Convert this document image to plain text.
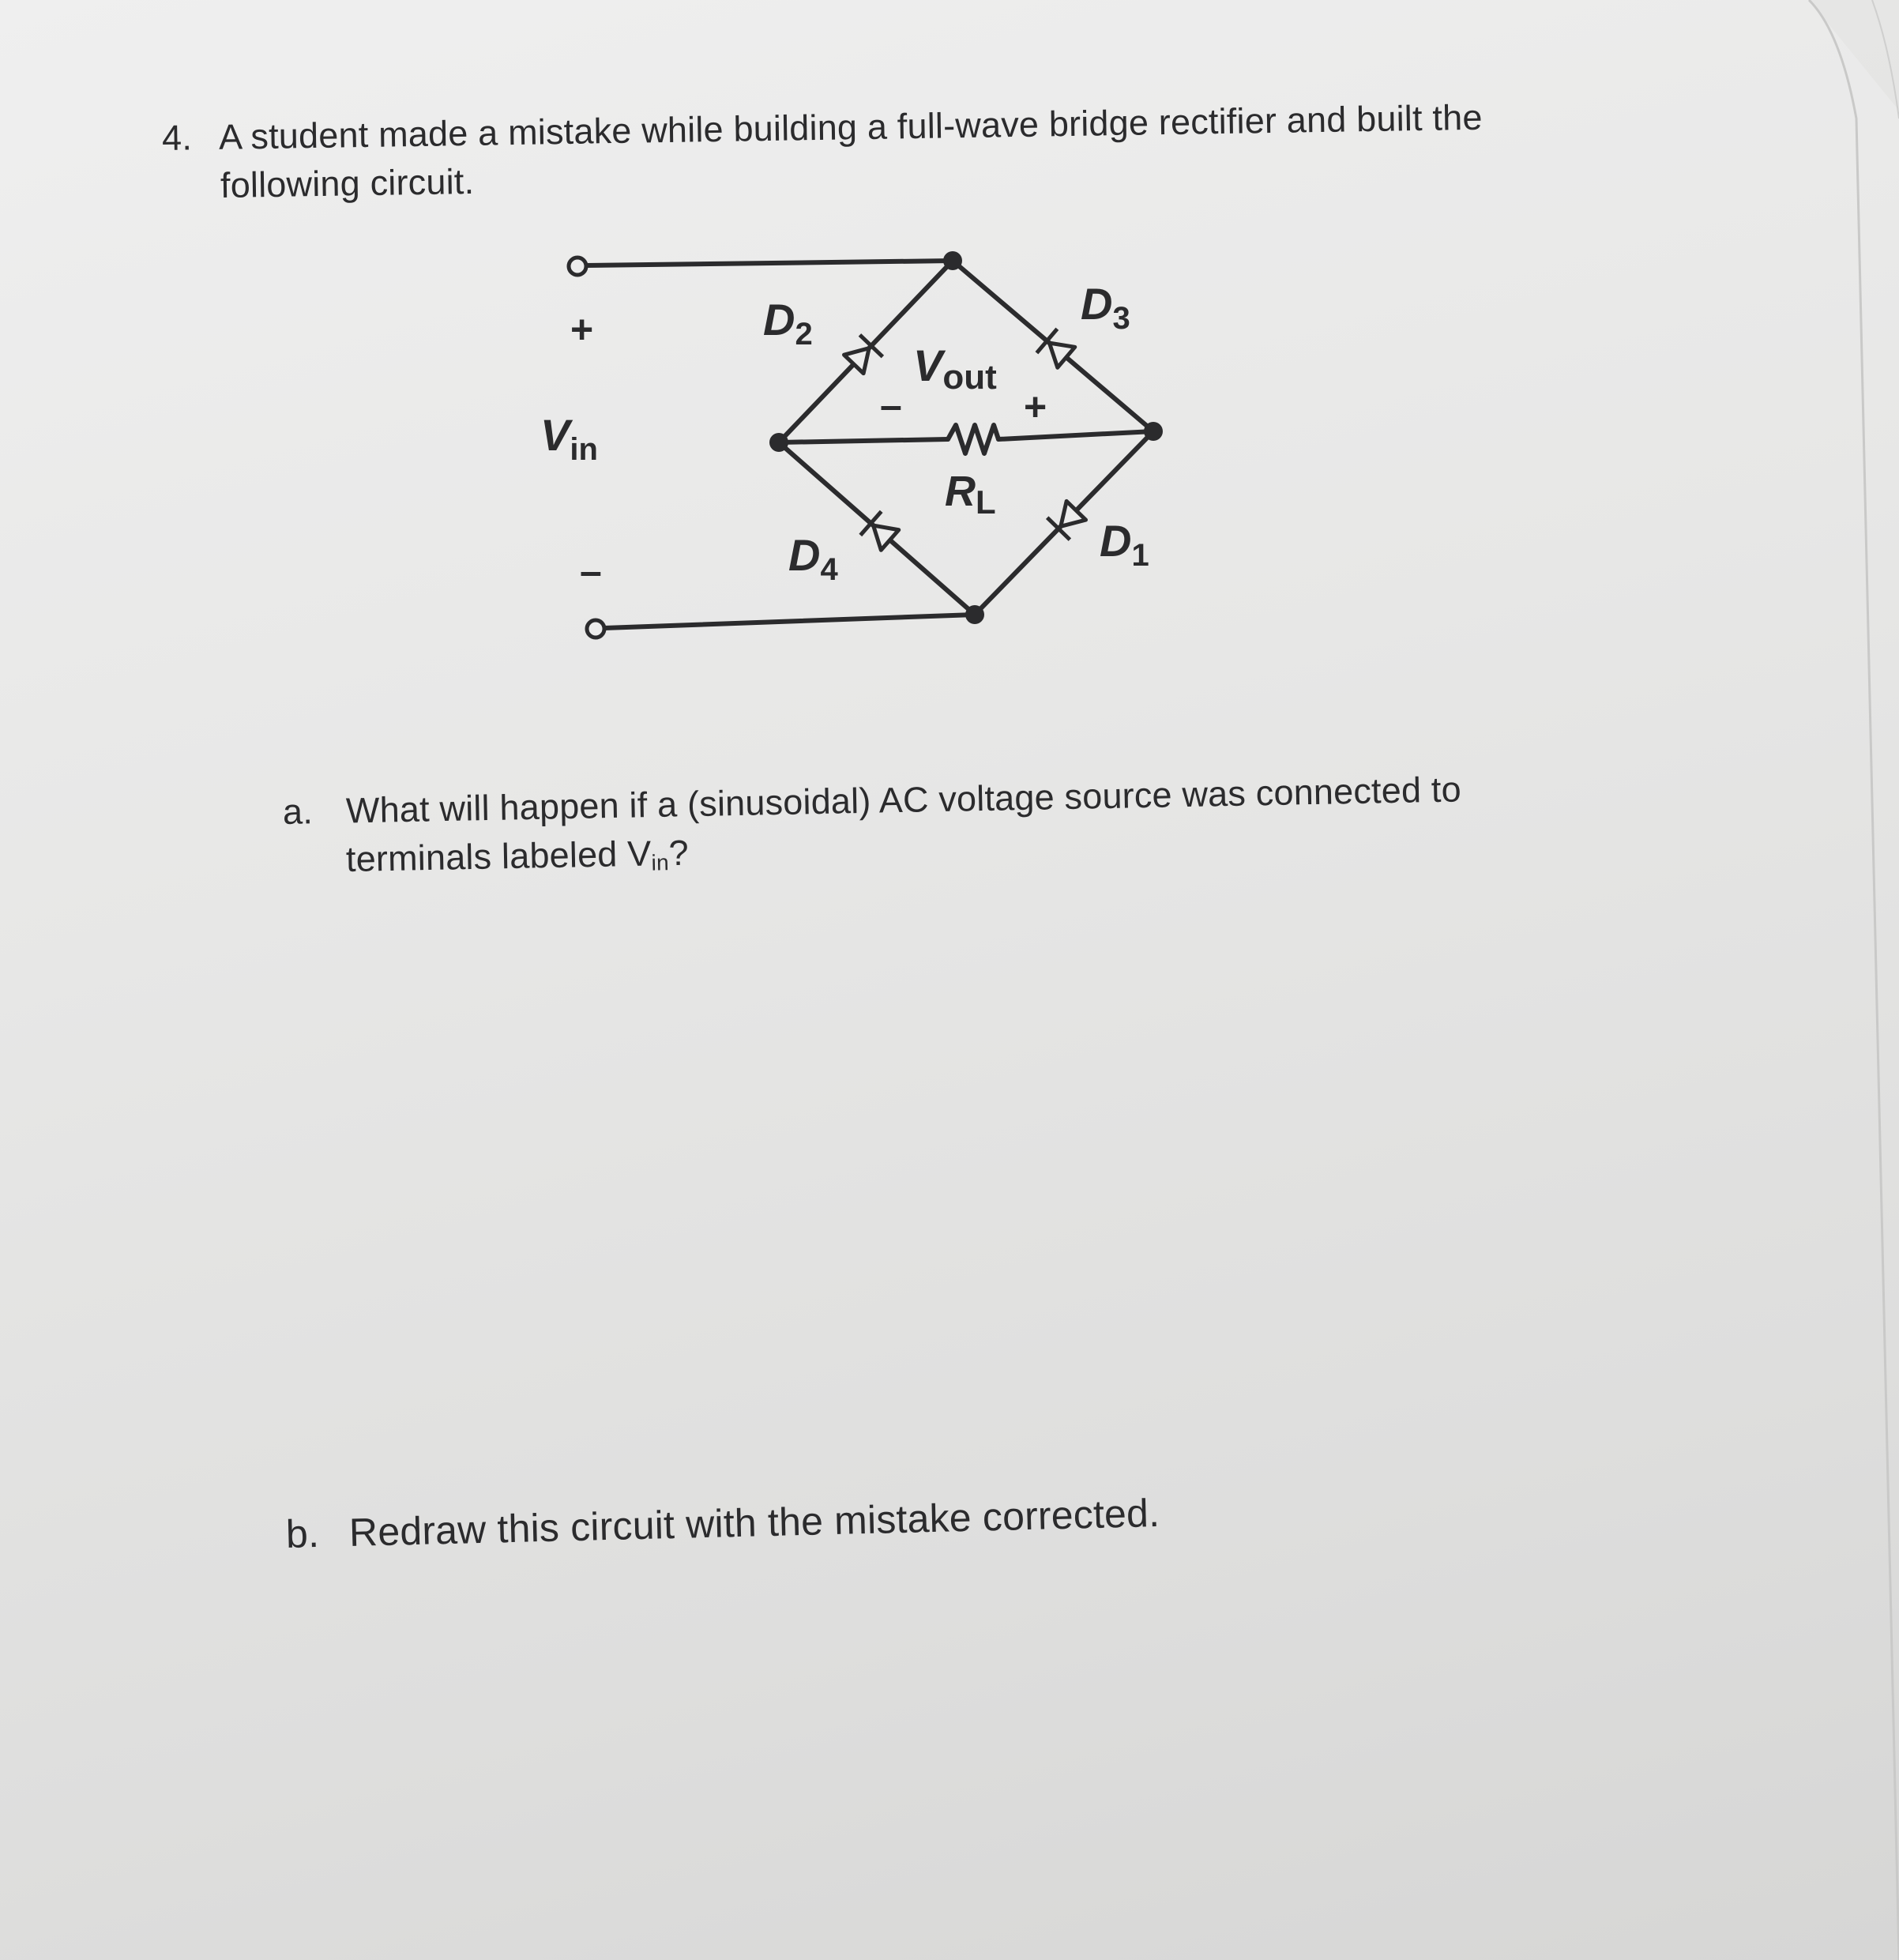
4. A student made a mistake while building a full-wave bridge rectifier and built the

following circuit.

+
–
$V_{in}$
$D_2$
$D_3$
$D_4$
$D_1$
Vout
–	+
RL

a. What will happen if a (sinusoidal) AC voltage source was connected to

terminals labeled Vin?

b. Redraw this circuit with the mistake corrected.
